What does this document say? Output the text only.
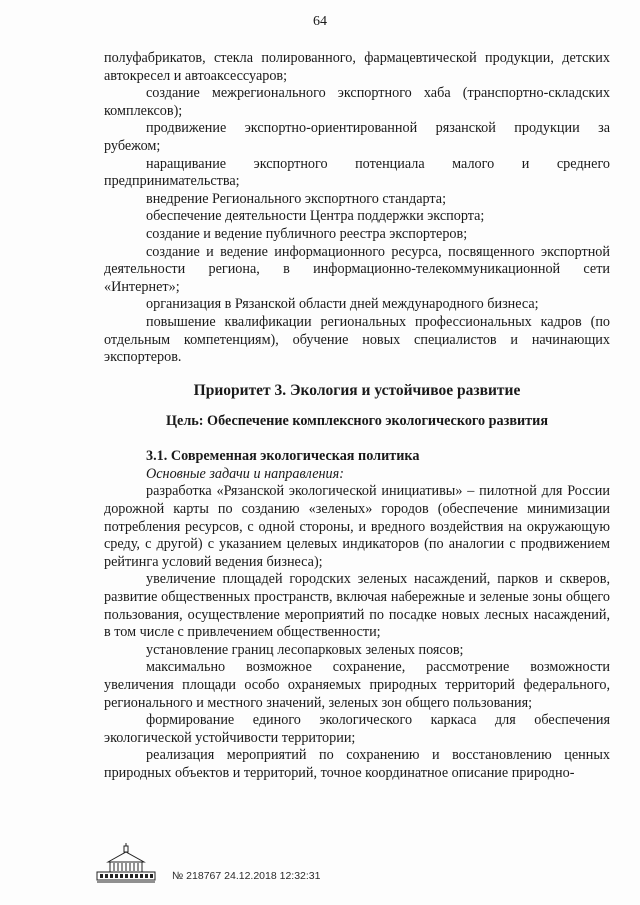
64

полуфабрикатов, стекла полированного, фармацевтической продукции, детских автокресел и автоаксессуаров;

создание межрегионального экспортного хаба (транспортно-складских комплексов);

продвижение экспортно-ориентированной рязанской продукции за рубежом;

наращивание экспортного потенциала малого и среднего предпринимательства;

внедрение Регионального экспортного стандарта;

обеспечение деятельности Центра поддержки экспорта;

создание и ведение публичного реестра экспортеров;

создание и ведение информационного ресурса, посвященного экспортной деятельности региона, в информационно-телекоммуникационной сети «Интернет»;

организация в Рязанской области дней международного бизнеса;

повышение квалификации региональных профессиональных кадров (по отдельным компетенциям), обучение новых специалистов и начинающих экспортеров.

Приоритет 3. Экология и устойчивое развитие
Цель: Обеспечение комплексного экологического развития

3.1. Современная экологическая политика

Основные задачи и направления:

разработка «Рязанской экологической инициативы» – пилотной для России дорожной карты по созданию «зеленых» городов (обеспечение минимизации потребления ресурсов, с одной стороны, и вредного воздействия на окружающую среду, с другой) с указанием целевых индикаторов (по аналогии с продвижением рейтинга условий ведения бизнеса);

увеличение площадей городских зеленых насаждений, парков и скверов, развитие общественных пространств, включая набережные и зеленые зоны общего пользования, осуществление мероприятий по посадке новых лесных насаждений, в том числе с привлечением общественности;

установление границ лесопарковых зеленых поясов;

максимально возможное сохранение, рассмотрение возможности увеличения площади особо охраняемых природных территорий федерального, регионального и местного значений, зеленых зон общего пользования;

формирование единого экологического каркаса для обеспечения экологической устойчивости территории;

реализация мероприятий по сохранению и восстановлению ценных природных объектов и территорий, точное координатное описание природно-

№ 218767 24.12.2018 12:32:31
